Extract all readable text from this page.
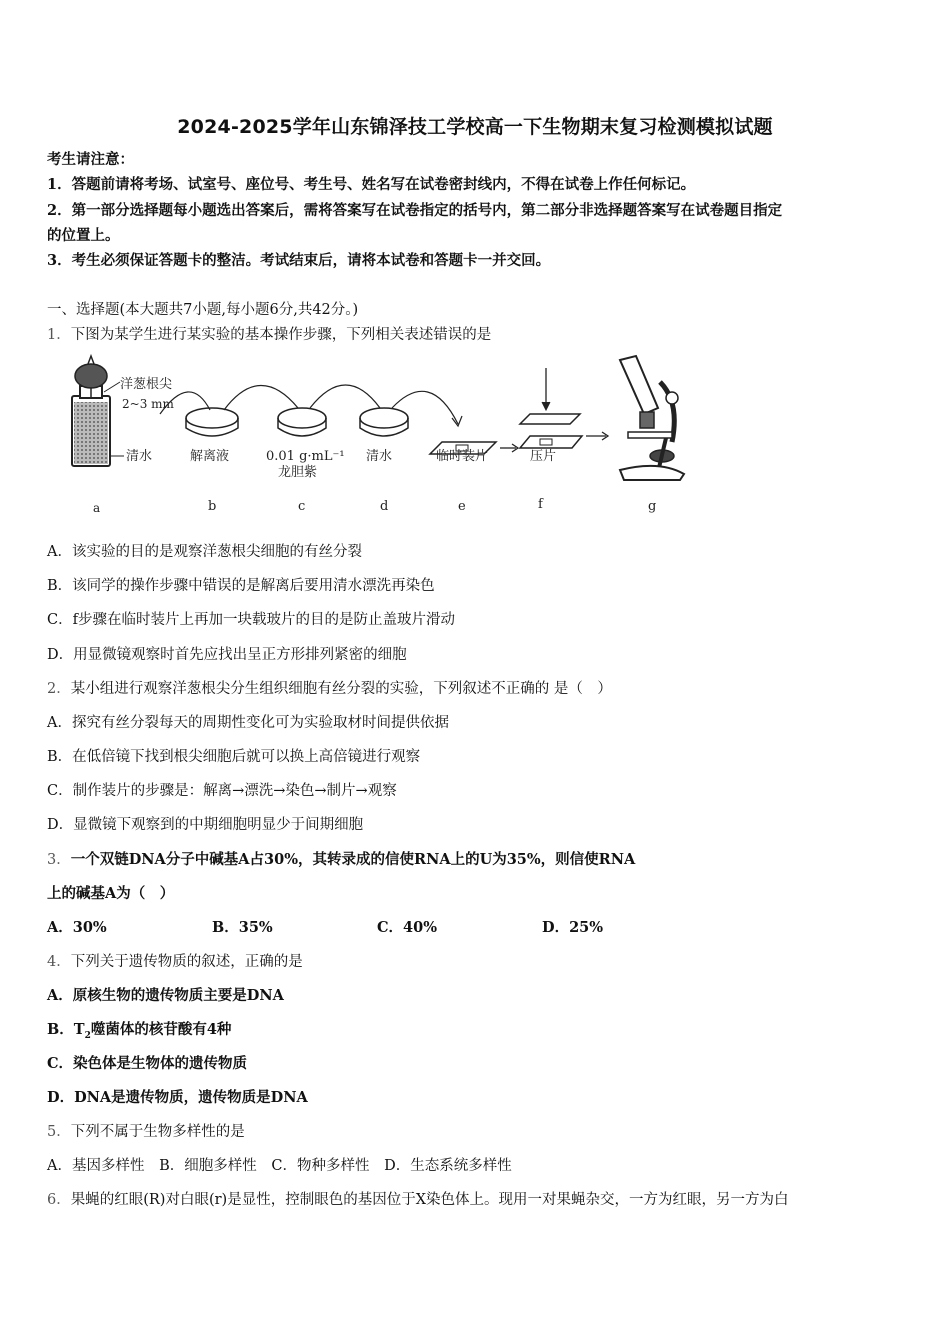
2024-2025学年山东锦泽技工学校高一下生物期末复习检测模拟试题
考生请注意：
1．答题前请将考场、试室号、座位号、考生号、姓名写在试卷密封线内，不得在试卷上作任何标记。
2．第一部分选择题每小题选出答案后，需将答案写在试卷指定的括号内，第二部分非选择题答案写在试卷题目指定
的位置上。
3．考生必须保证答题卡的整洁。考试结束后，请将本试卷和答题卡一并交回。
一、选择题(本大题共7小题,每小题6分,共42分。)
1．下图为某学生进行某实验的基本操作步骤，下列相关表述错误的是
洋葱根尖
2~3 mm
清水	解离液	0.01 g·mL⁻¹
龙胆紫
清水	临时装片	压片
a	b	c	d	e	f	g
A．该实验的目的是观察洋葱根尖细胞的有丝分裂
B．该同学的操作步骤中错误的是解离后要用清水漂洗再染色
C．f步骤在临时装片上再加一块载玻片的目的是防止盖玻片滑动
D．用显微镜观察时首先应找出呈正方形排列紧密的细胞
2．某小组进行观察洋葱根尖分生组织细胞有丝分裂的实验，下列叙述不正确的 是（　）
A．探究有丝分裂每天的周期性变化可为实验取材时间提供依据
B．在低倍镜下找到根尖细胞后就可以换上高倍镜进行观察
C．制作装片的步骤是：解离→漂洗→染色→制片→观察
D．显微镜下观察到的中期细胞明显少于间期细胞
3．一个双链DNA分子中碱基A占30%，其转录成的信使RNA上的U为35%，则信使RNA
上的碱基A为（　）
A．30%	B．35%	C．40%	D．25%
4．下列关于遗传物质的叙述，正确的是
A．原核生物的遗传物质主要是DNA
B．$T_2$噬菌体的核苷酸有4种
C．染色体是生物体的遗传物质
D．DNA是遗传物质，遗传物质是DNA
5．下列不属于生物多样性的是
A．基因多样性 B．细胞多样性 C．物种多样性 D．生态系统多样性
6．果蝇的红眼(R)对白眼(r)是显性，控制眼色的基因位于X染色体上。现用一对果蝇杂交，一方为红眼，另一方为白
